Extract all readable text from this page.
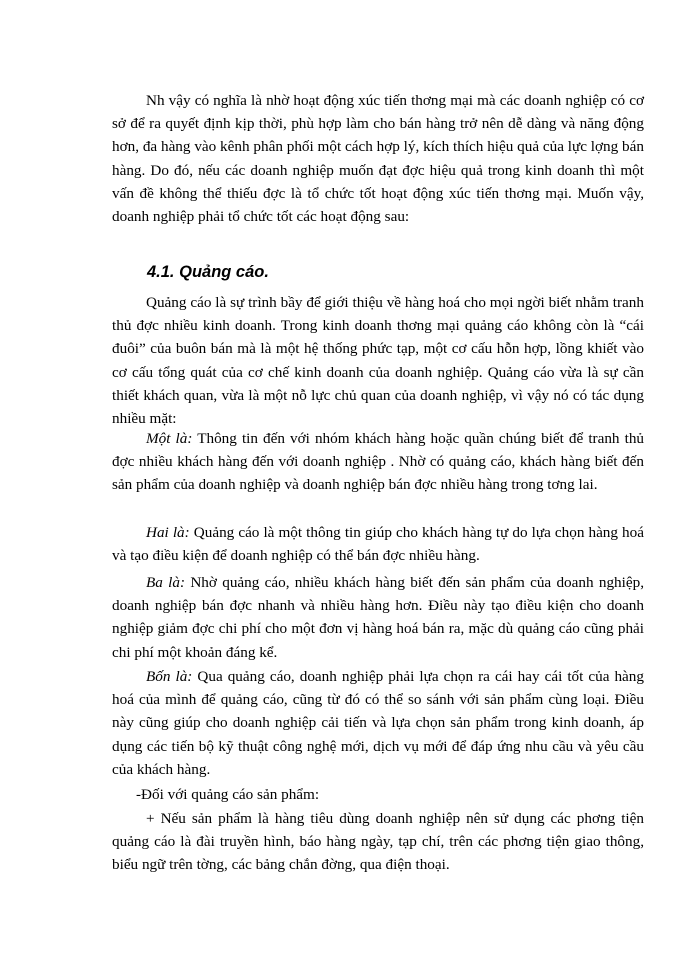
Nh vậy có nghĩa là nhờ hoạt động xúc tiến thơng mại mà các doanh nghiệp có cơ sở để ra quyết định kịp thời, phù hợp làm cho bán hàng trở nên dễ dàng và năng động hơn, đa hàng vào kênh phân phối một cách hợp lý, kích thích hiệu quả của lực lợng bán hàng. Do đó, nếu các doanh nghiệp muốn đạt đợc hiệu quả trong kinh doanh thì một vấn đề không thể thiếu đợc là tổ chức tốt hoạt động xúc tiến thơng mại. Muốn vậy, doanh nghiệp phải tổ chức tốt các hoạt động sau:

4.1. Quảng cáo.

Quảng cáo là sự trình bầy để giới thiệu về hàng hoá cho mọi ngời biết nhằm tranh thủ đợc nhiều kinh doanh. Trong kinh doanh thơng mại quảng cáo không còn là “cái đuôi” của buôn bán mà là một hệ thống phức tạp, một cơ cấu hỗn hợp, lồng khiết vào cơ cấu tổng quát của cơ chế kinh doanh của doanh nghiệp. Quảng cáo vừa là sự cần thiết khách quan, vừa là một nỗ lực chủ quan của doanh nghiệp, vì vậy nó có tác dụng nhiều mặt:

Một là: Thông tin đến với nhóm khách hàng hoặc quần chúng biết để tranh thủ đợc nhiều khách hàng đến với doanh nghiệp . Nhờ có quảng cáo, khách hàng biết đến sản phẩm của doanh nghiệp và doanh nghiệp bán đợc nhiều hàng trong tơng lai.

Hai là: Quảng cáo là một thông tin giúp cho khách hàng tự do lựa chọn hàng hoá và tạo điều kiện để doanh nghiệp có thể bán đợc nhiều hàng.

Ba là: Nhờ quảng cáo, nhiều khách hàng biết đến sản phẩm của doanh nghiệp, doanh nghiệp bán đợc nhanh và nhiều hàng hơn. Điều này tạo điều kiện cho doanh nghiệp giảm đợc chi phí cho một đơn vị hàng hoá bán ra, mặc dù quảng cáo cũng phải chi phí một khoản đáng kể.

Bốn là: Qua quảng cáo, doanh nghiệp phải lựa chọn ra cái hay cái tốt của hàng hoá của mình để quảng cáo, cũng từ đó có thể so sánh với sản phẩm cùng loại. Điều này cũng giúp cho doanh nghiệp cải tiến và lựa chọn sản phẩm trong kinh doanh, áp dụng các tiến bộ kỹ thuật công nghệ mới, dịch vụ mới để đáp ứng nhu cầu và yêu cầu của khách hàng.

-Đối với quảng cáo sản phẩm:

+ Nếu sản phẩm là hàng tiêu dùng doanh nghiệp nên sử dụng các phơng tiện quảng cáo là đài truyền hình, báo hàng ngày, tạp chí, trên các phơng tiện giao thông, biểu ngữ trên tờng, các bảng chắn đờng, qua điện thoại.
